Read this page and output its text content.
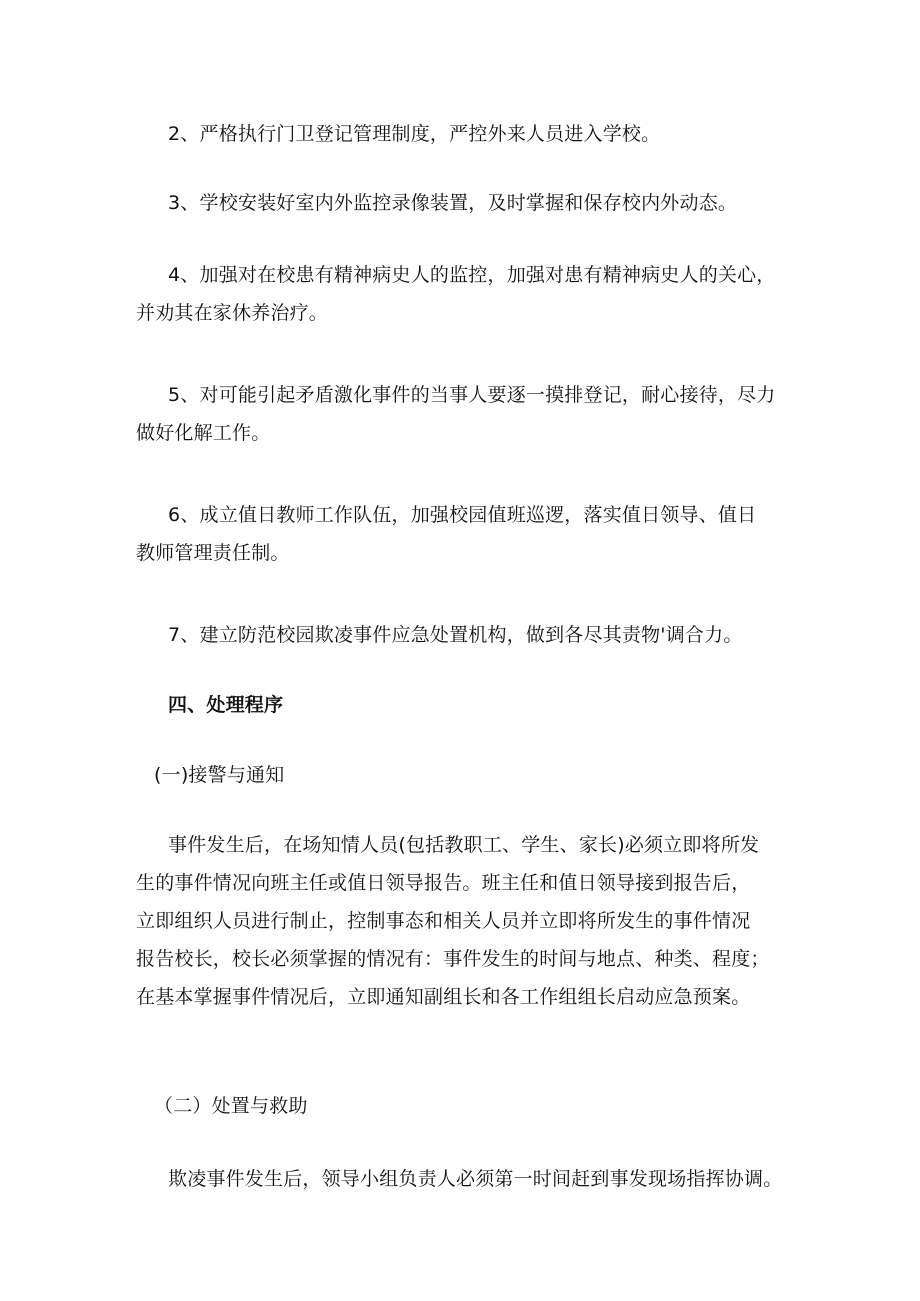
2、严格执行门卫登记管理制度，严控外来人员进入学校。

3、学校安装好室内外监控录像装置，及时掌握和保存校内外动态。

4、加强对在校患有精神病史人的监控，加强对患有精神病史人的关心，
并劝其在家休养治疗。

5、对可能引起矛盾激化事件的当事人要逐一摸排登记，耐心接待，尽力
做好化解工作。

6、成立值日教师工作队伍，加强校园值班巡逻，落实值日领导、值日
教师管理责任制。

7、建立防范校园欺凌事件应急处置机构，做到各尽其责物'调合力。

四、处理程序

(一)接警与通知

事件发生后，在场知情人员(包括教职工、学生、家长)必须立即将所发
生的事件情况向班主任或值日领导报告。班主任和值日领导接到报告后，
立即组织人员进行制止，控制事态和相关人员并立即将所发生的事件情况
报告校长，校长必须掌握的情况有：事件发生的时间与地点、种类、程度；
在基本掌握事件情况后，立即通知副组长和各工作组组长启动应急预案。

（二）处置与救助

欺凌事件发生后，领导小组负责人必须第一时间赶到事发现场指挥协调。
